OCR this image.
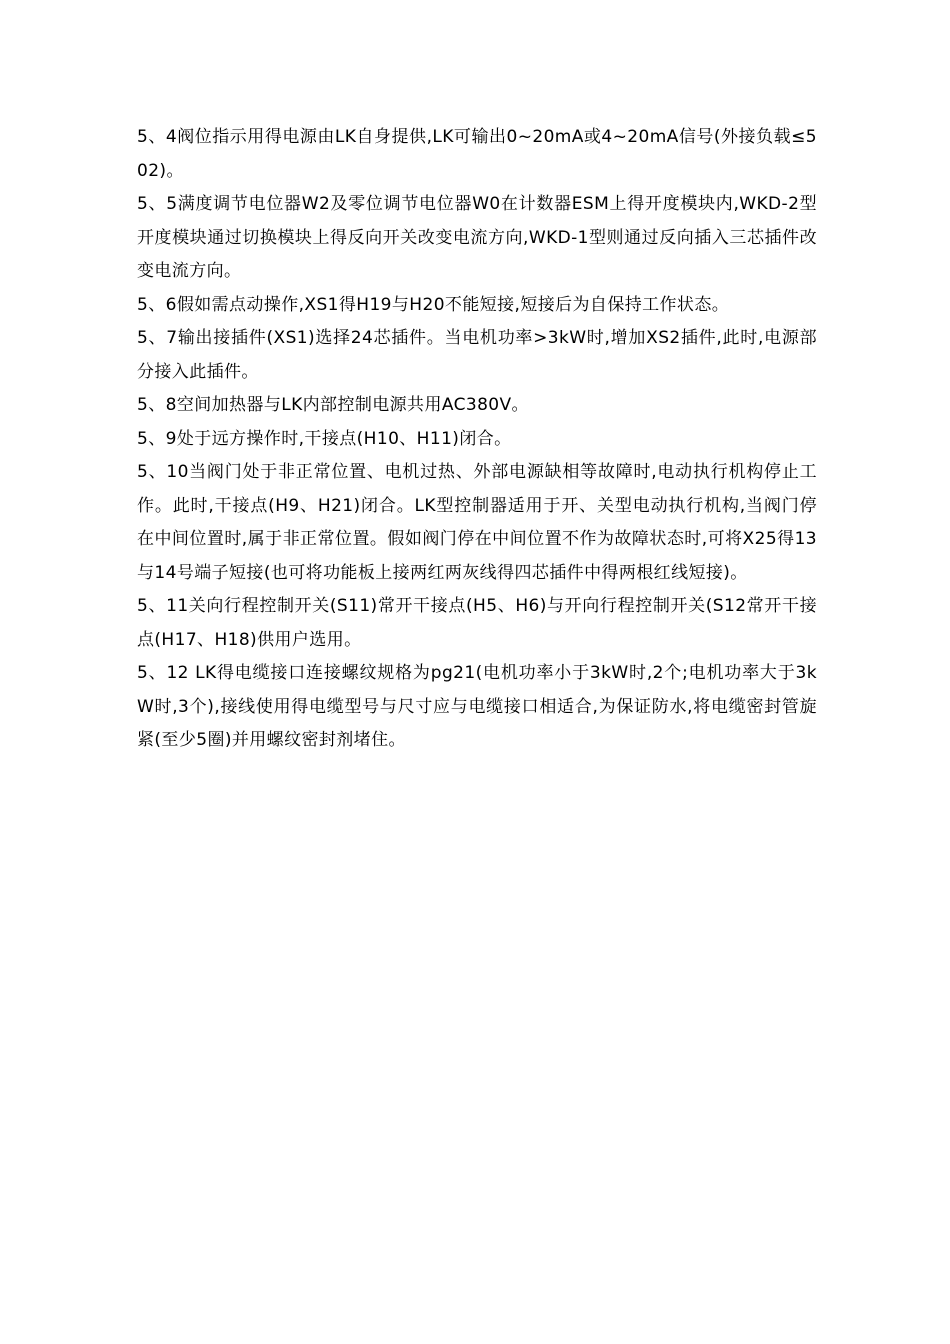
5、4阀位指示用得电源由LK自身提供,LK可输出0~20mA或4~20mA信号(外接负载≤502)。

5、5满度调节电位器W2及零位调节电位器W0在计数器ESM上得开度模块内,WKD-2型开度模块通过切换模块上得反向开关改变电流方向,WKD-1型则通过反向插入三芯插件改变电流方向。

5、6假如需点动操作,XS1得H19与H20不能短接,短接后为自保持工作状态。

5、7输出接插件(XS1)选择24芯插件。当电机功率>3kW时,增加XS2插件,此时,电源部分接入此插件。

5、8空间加热器与LK内部控制电源共用AC380V。

5、9处于远方操作时,干接点(H10、H11)闭合。

5、10当阀门处于非正常位置、电机过热、外部电源缺相等故障时,电动执行机构停止工作。此时,干接点(H9、H21)闭合。LK型控制器适用于开、关型电动执行机构,当阀门停在中间位置时,属于非正常位置。假如阀门停在中间位置不作为故障状态时,可将X25得13与14号端子短接(也可将功能板上接两红两灰线得四芯插件中得两根红线短接)。

5、11关向行程控制开关(S11)常开干接点(H5、H6)与开向行程控制开关(S12常开干接点(H17、H18)供用户选用。

5、12 LK得电缆接口连接螺纹规格为pg21(电机功率小于3kW时,2个;电机功率大于3kW时,3个),接线使用得电缆型号与尺寸应与电缆接口相适合,为保证防水,将电缆密封管旋紧(至少5圈)并用螺纹密封剂堵住。
